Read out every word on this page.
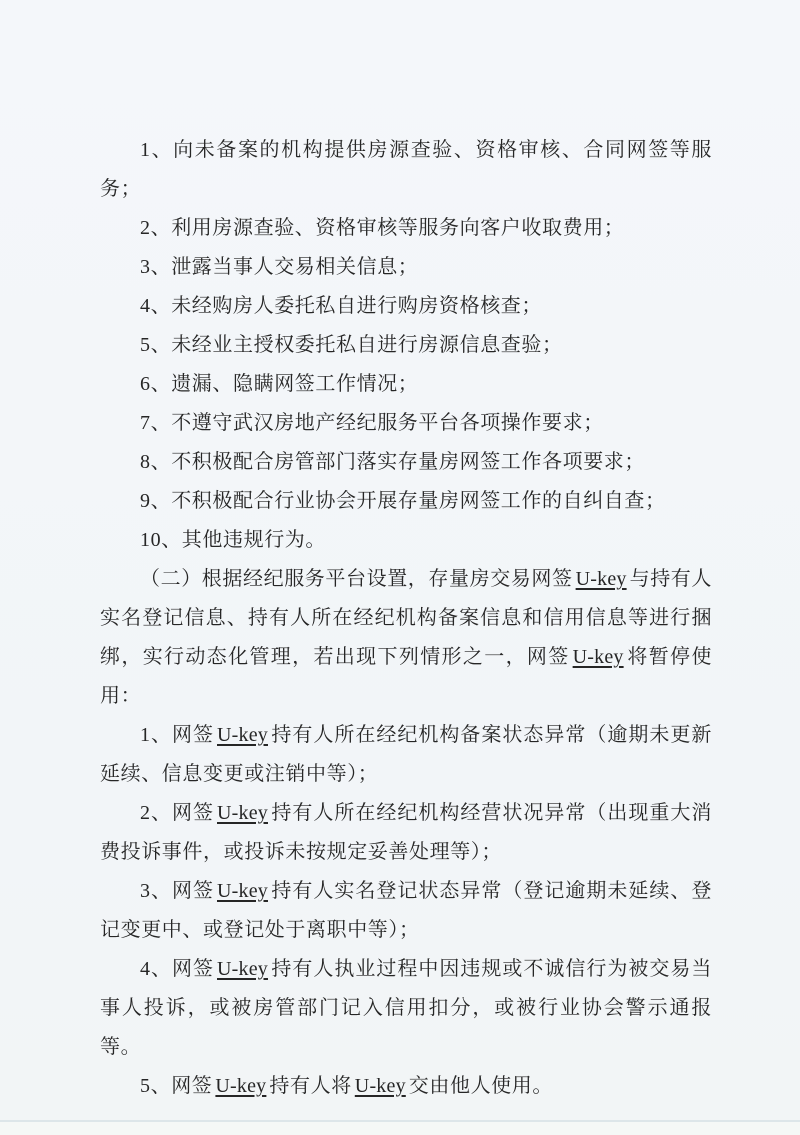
1、向未备案的机构提供房源查验、资格审核、合同网签等服务；

2、利用房源查验、资格审核等服务向客户收取费用；

3、泄露当事人交易相关信息；

4、未经购房人委托私自进行购房资格核查；

5、未经业主授权委托私自进行房源信息查验；

6、遗漏、隐瞒网签工作情况；

7、不遵守武汉房地产经纪服务平台各项操作要求；

8、不积极配合房管部门落实存量房网签工作各项要求；

9、不积极配合行业协会开展存量房网签工作的自纠自查；

10、其他违规行为。

（二）根据经纪服务平台设置，存量房交易网签 U-key 与持有人实名登记信息、持有人所在经纪机构备案信息和信用信息等进行捆绑，实行动态化管理，若出现下列情形之一，网签 U-key 将暂停使用：

1、网签 U-key 持有人所在经纪机构备案状态异常（逾期未更新延续、信息变更或注销中等）；

2、网签 U-key 持有人所在经纪机构经营状况异常（出现重大消费投诉事件，或投诉未按规定妥善处理等）；

3、网签 U-key 持有人实名登记状态异常（登记逾期未延续、登记变更中、或登记处于离职中等）；

4、网签 U-key 持有人执业过程中因违规或不诚信行为被交易当事人投诉，或被房管部门记入信用扣分，或被行业协会警示通报等。

5、网签 U-key 持有人将 U-key 交由他人使用。
